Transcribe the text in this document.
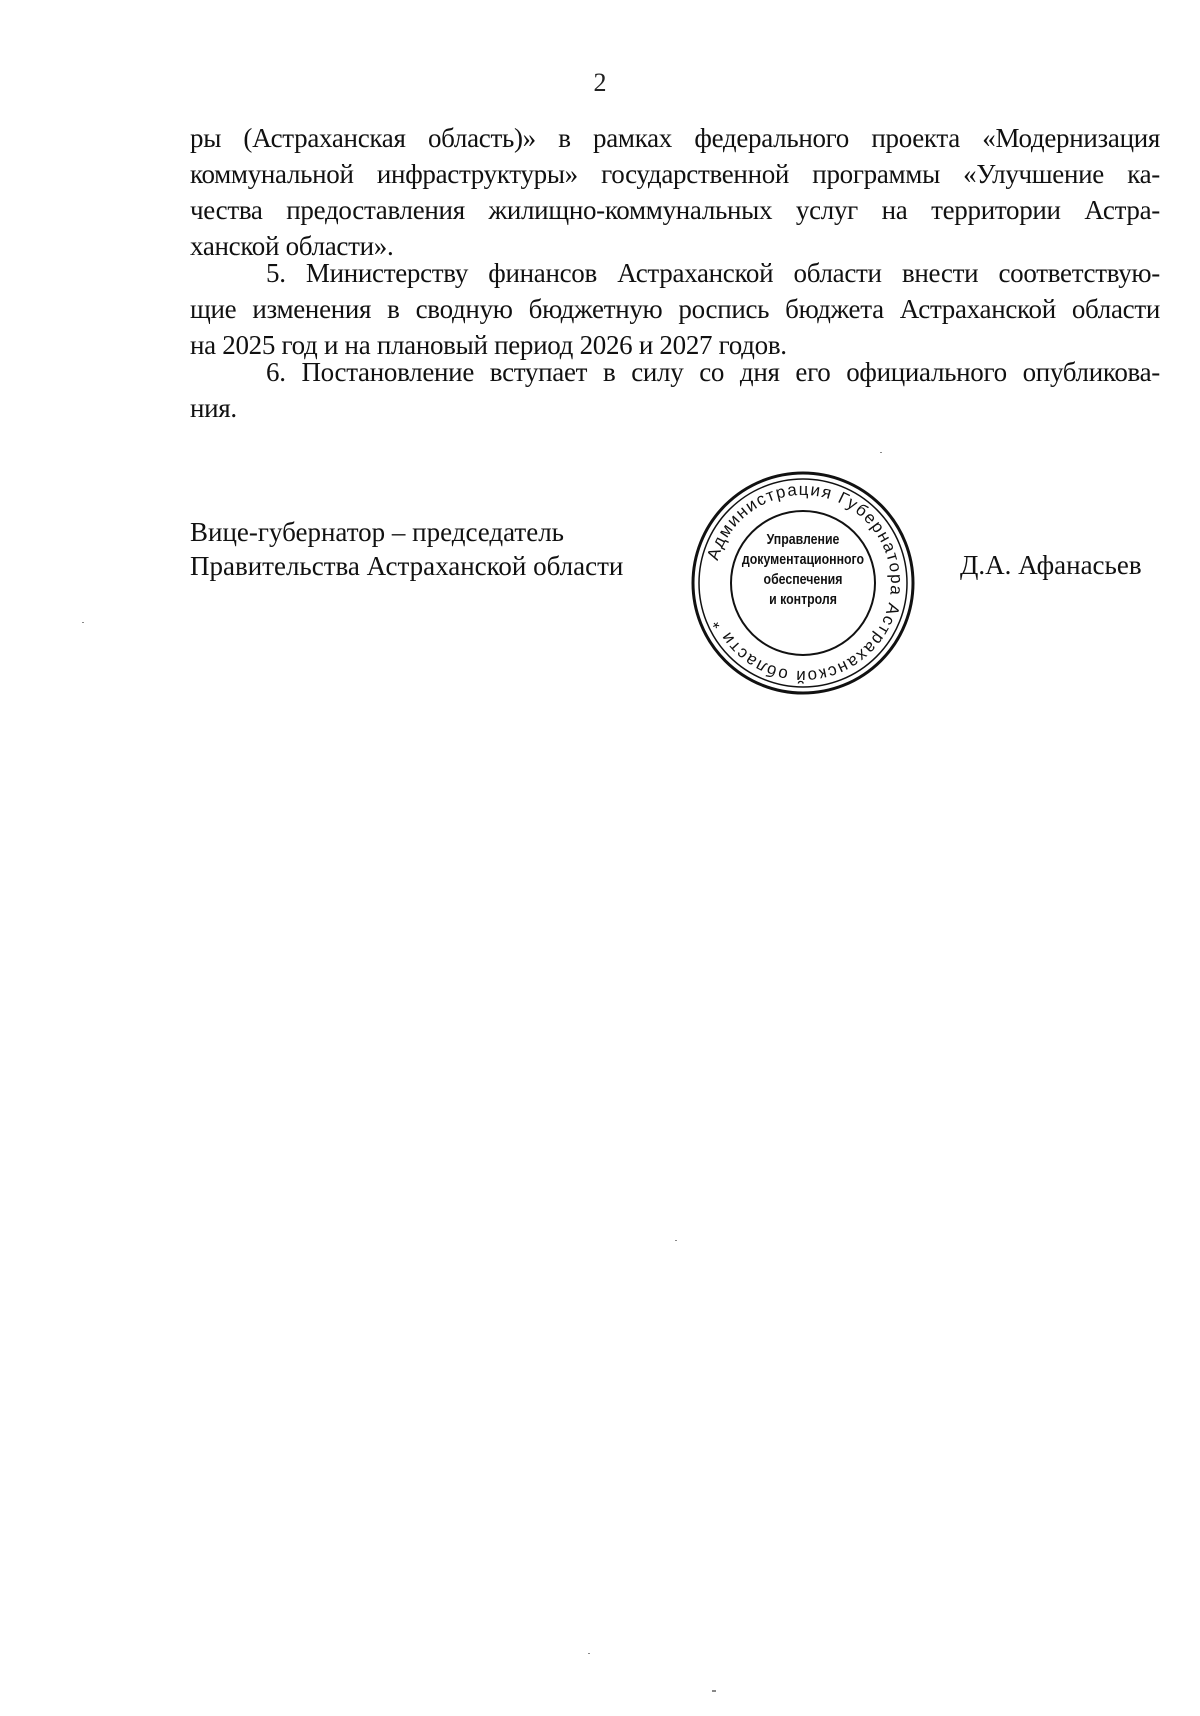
2
ры (Астраханская область)» в рамках федерального проекта «Модернизация
коммунальной инфраструктуры» государственной программы «Улучшение ка-
чества предоставления жилищно-коммунальных услуг на территории Астра-
ханской области».
5. Министерству финансов Астраханской области внести соответствую-
щие изменения в сводную бюджетную роспись бюджета Астраханской области
на 2025 год и на плановый период 2026 и 2027 годов.
6. Постановление вступает в силу со дня его официального опубликова-
ния.
Вице-губернатор – председатель
Правительства Астраханской области	Администрация Губернатора Астраханской области *
Управление
документационного
обеспечения
и контроля
Д.А. Афанасьев
